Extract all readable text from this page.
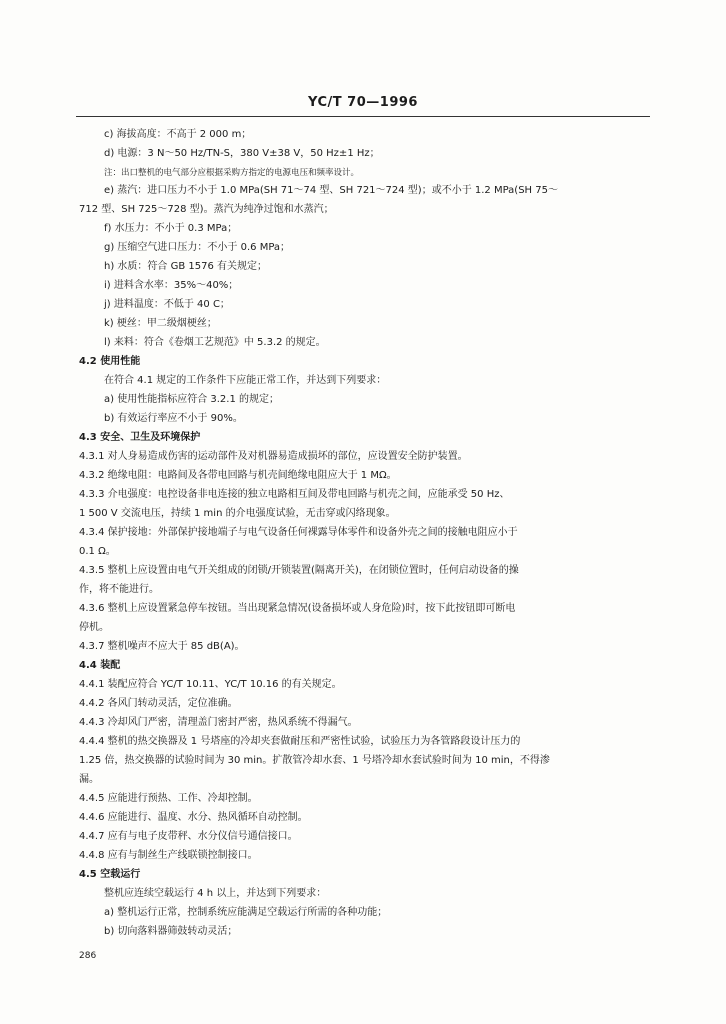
YC/T 70—1996
c) 海拔高度：不高于 2 000 m；
d) 电源：3 N～50 Hz/TN-S，380 V±38 V，50 Hz±1 Hz；
注：出口整机的电气部分应根据采购方指定的电源电压和频率设计。
e) 蒸汽：进口压力不小于 1.0 MPa(SH 71～74 型、SH 721～724 型)；或不小于 1.2 MPa(SH 75～
712 型、SH 725～728 型)。蒸汽为纯净过饱和水蒸汽；
f) 水压力：不小于 0.3 MPa；
g) 压缩空气进口压力：不小于 0.6 MPa；
h) 水质：符合 GB 1576 有关规定；
i) 进料含水率：35%～40%；
j) 进料温度：不低于 40 C；
k) 梗丝：甲二级烟梗丝；
l) 来料：符合《卷烟工艺规范》中 5.3.2 的规定。
4.2 使用性能
在符合 4.1 规定的工作条件下应能正常工作，并达到下列要求：
a) 使用性能指标应符合 3.2.1 的规定；
b) 有效运行率应不小于 90%。
4.3 安全、卫生及环境保护
4.3.1 对人身易造成伤害的运动部件及对机器易造成损坏的部位，应设置安全防护装置。
4.3.2 绝缘电阻：电路间及各带电回路与机壳间绝缘电阻应大于 1 MΩ。
4.3.3 介电强度：电控设备非电连接的独立电路相互间及带电回路与机壳之间，应能承受 50 Hz、
1 500 V 交流电压，持续 1 min 的介电强度试验，无击穿或闪络现象。
4.3.4 保护接地：外部保护接地端子与电气设备任何裸露导体零件和设备外壳之间的接触电阻应小于
0.1 Ω。
4.3.5 整机上应设置由电气开关组成的闭锁/开锁装置(隔离开关)，在闭锁位置时，任何启动设备的操
作，将不能进行。
4.3.6 整机上应设置紧急停车按钮。当出现紧急情况(设备损坏或人身危险)时，按下此按钮即可断电
停机。
4.3.7 整机噪声不应大于 85 dB(A)。
4.4 装配
4.4.1 装配应符合 YC/T 10.11、YC/T 10.16 的有关规定。
4.4.2 各风门转动灵活，定位准确。
4.4.3 冷却风门严密，清理盖门密封严密，热风系统不得漏气。
4.4.4 整机的热交换器及 1 号塔座的冷却夹套做耐压和严密性试验，试验压力为各管路段设计压力的
1.25 倍，热交换器的试验时间为 30 min。扩散管冷却水套、1 号塔冷却水套试验时间为 10 min，不得渗
漏。
4.4.5 应能进行预热、工作、冷却控制。
4.4.6 应能进行、温度、水分、热风循环自动控制。
4.4.7 应有与电子皮带秤、水分仪信号通信接口。
4.4.8 应有与制丝生产线联锁控制接口。
4.5 空载运行
整机应连续空载运行 4 h 以上，并达到下列要求：
a) 整机运行正常，控制系统应能满足空载运行所需的各种功能；
b) 切向落料器筛鼓转动灵活；
286
